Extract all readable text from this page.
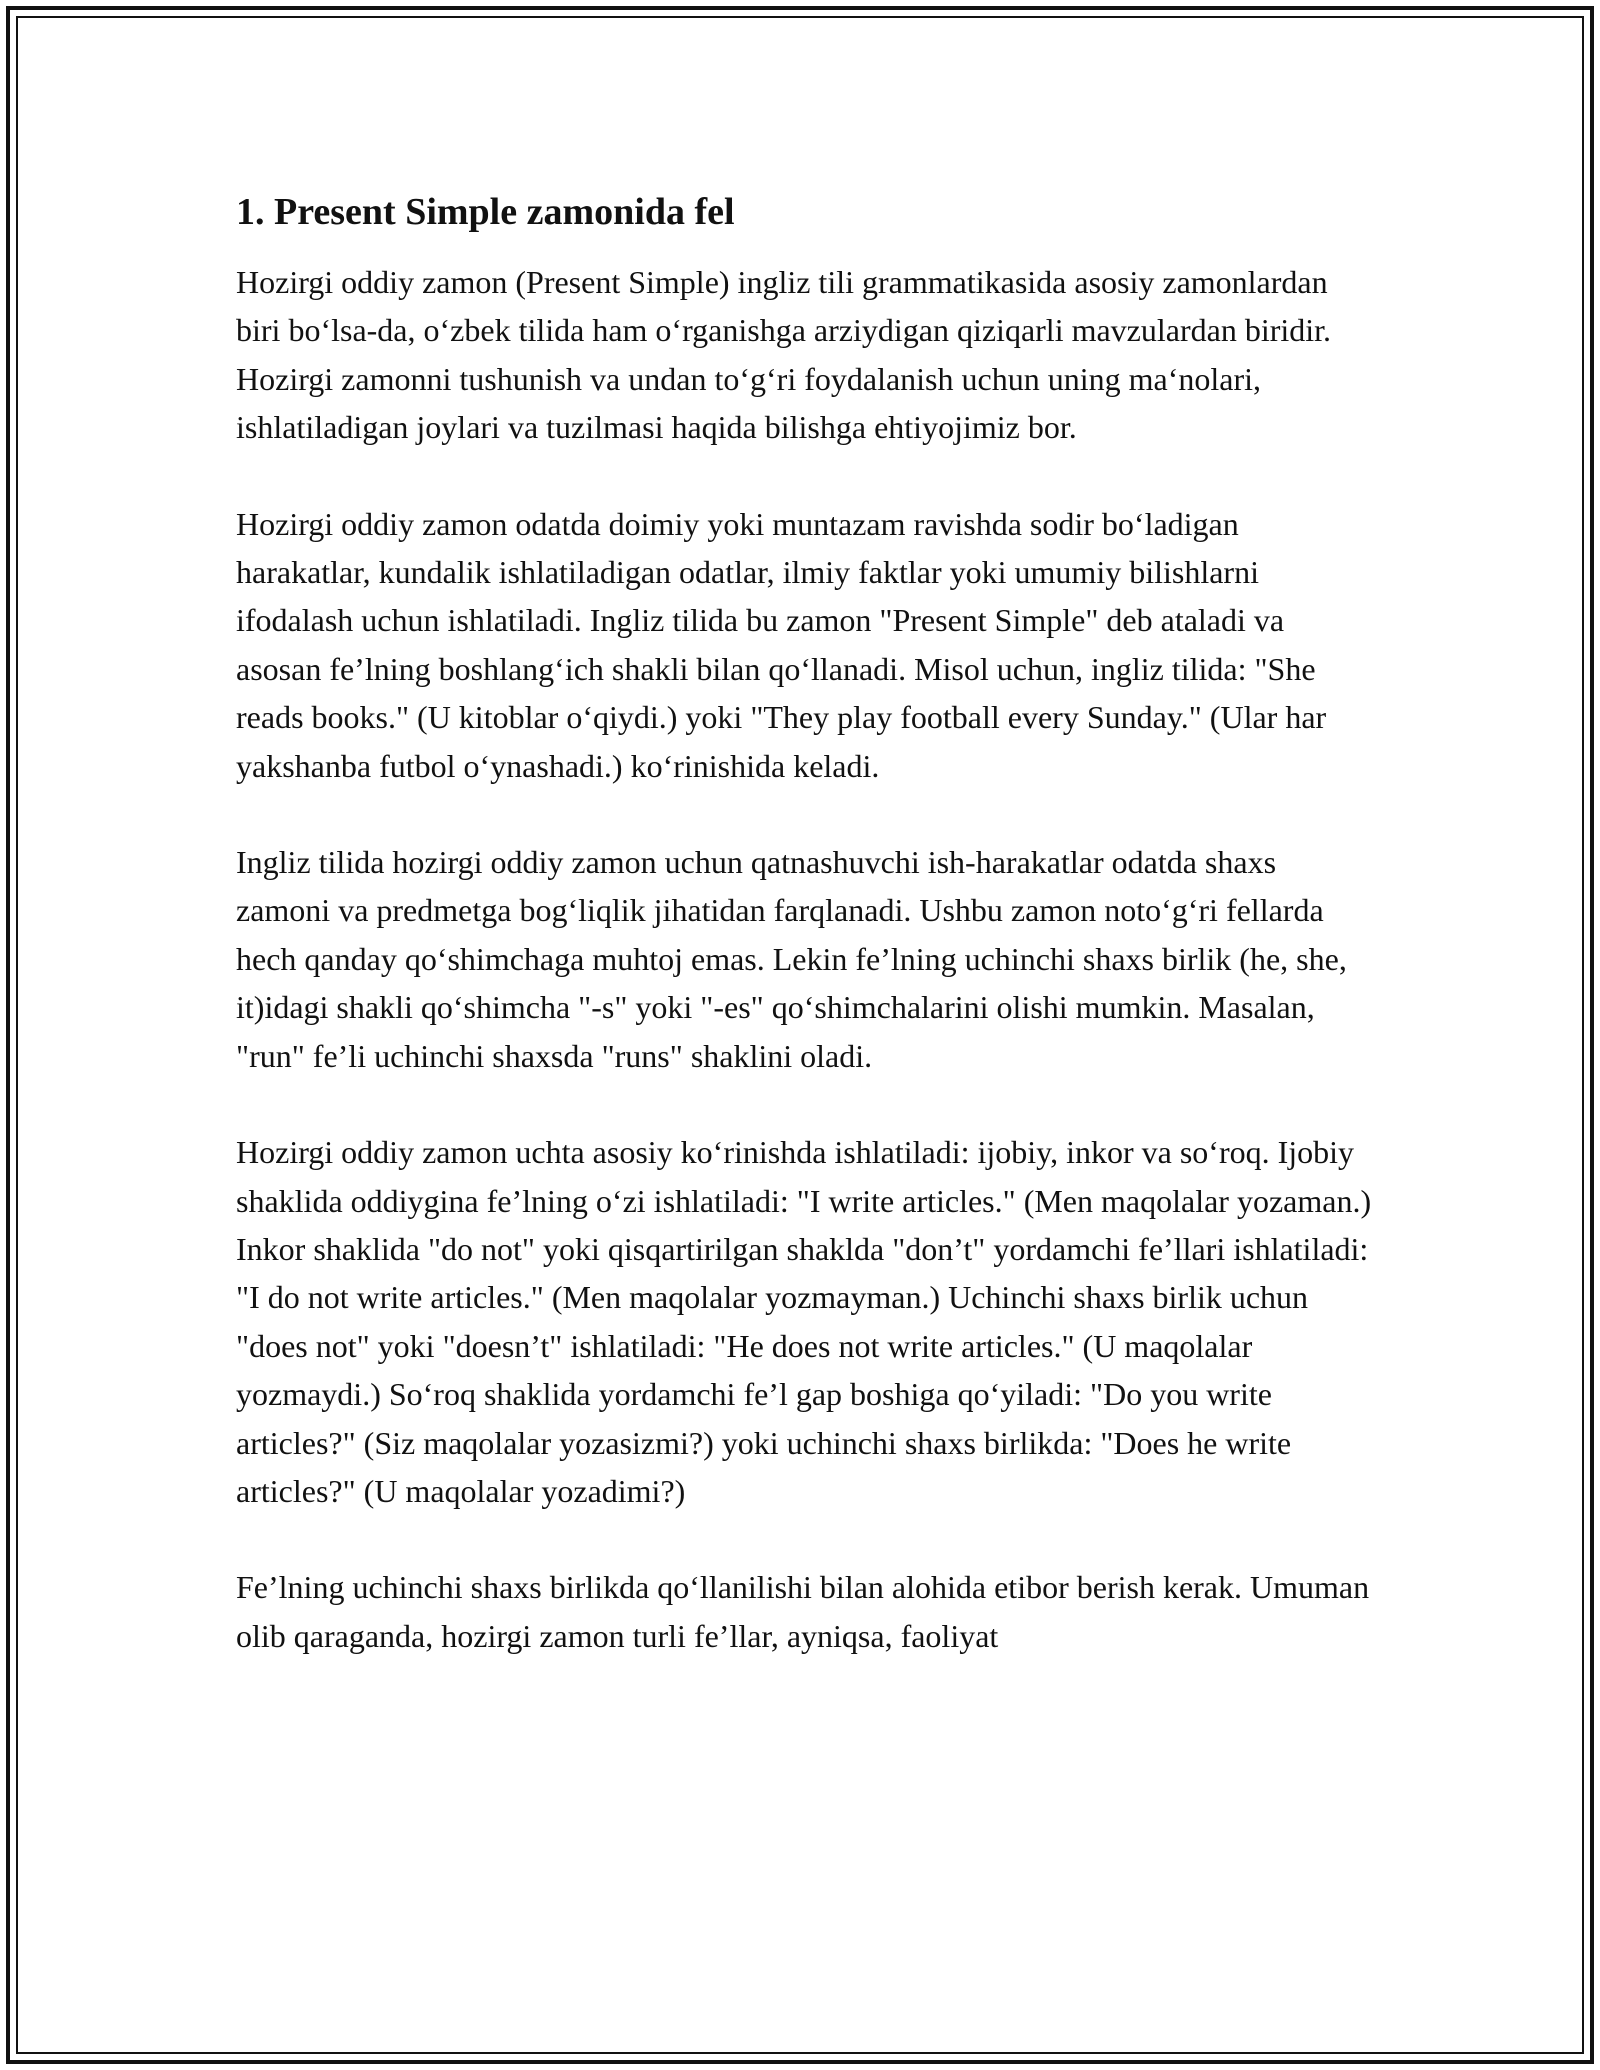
1. Present Simple zamonida fel

Hozirgi oddiy zamon (Present Simple) ingliz tili grammatikasida asosiy zamonlardan biri bo‘lsa-da, o‘zbek tilida ham o‘rganishga arziydigan qiziqarli mavzulardan biridir. Hozirgi zamonni tushunish va undan to‘g‘ri foydalanish uchun uning ma‘nolari, ishlatiladigan joylari va tuzilmasi haqida bilishga ehtiyojimiz bor.

Hozirgi oddiy zamon odatda doimiy yoki muntazam ravishda sodir bo‘ladigan harakatlar, kundalik ishlatiladigan odatlar, ilmiy faktlar yoki umumiy bilishlarni ifodalash uchun ishlatiladi. Ingliz tilida bu zamon "Present Simple" deb ataladi va asosan fe’lning boshlang‘ich shakli bilan qo‘llanadi. Misol uchun, ingliz tilida: "She reads books." (U kitoblar o‘qiydi.) yoki "They play football every Sunday." (Ular har yakshanba futbol o‘ynashadi.) ko‘rinishida keladi.

Ingliz tilida hozirgi oddiy zamon uchun qatnashuvchi ish-harakatlar odatda shaxs zamoni va predmetga bog‘liqlik jihatidan farqlanadi. Ushbu zamon noto‘g‘ri fellarda hech qanday qo‘shimchaga muhtoj emas. Lekin fe’lning uchinchi shaxs birlik (he, she, it)idagi shakli qo‘shimcha "-s" yoki "-es" qo‘shimchalarini olishi mumkin. Masalan, "run" fe’li uchinchi shaxsda "runs" shaklini oladi.

Hozirgi oddiy zamon uchta asosiy ko‘rinishda ishlatiladi: ijobiy, inkor va so‘roq. Ijobiy shaklida oddiygina fe’lning o‘zi ishlatiladi: "I write articles." (Men maqolalar yozaman.) Inkor shaklida "do not" yoki qisqartirilgan shaklda "don’t" yordamchi fe’llari ishlatiladi: "I do not write articles." (Men maqolalar yozmayman.) Uchinchi shaxs birlik uchun "does not" yoki "doesn’t" ishlatiladi: "He does not write articles." (U maqolalar yozmaydi.) So‘roq shaklida yordamchi fe’l gap boshiga qo‘yiladi: "Do you write articles?" (Siz maqolalar yozasizmi?) yoki uchinchi shaxs birlikda: "Does he write articles?" (U maqolalar yozadimi?)

Fe’lning uchinchi shaxs birlikda qo‘llanilishi bilan alohida etibor berish kerak. Umuman olib qaraganda, hozirgi zamon turli fe’llar, ayniqsa, faoliyat
